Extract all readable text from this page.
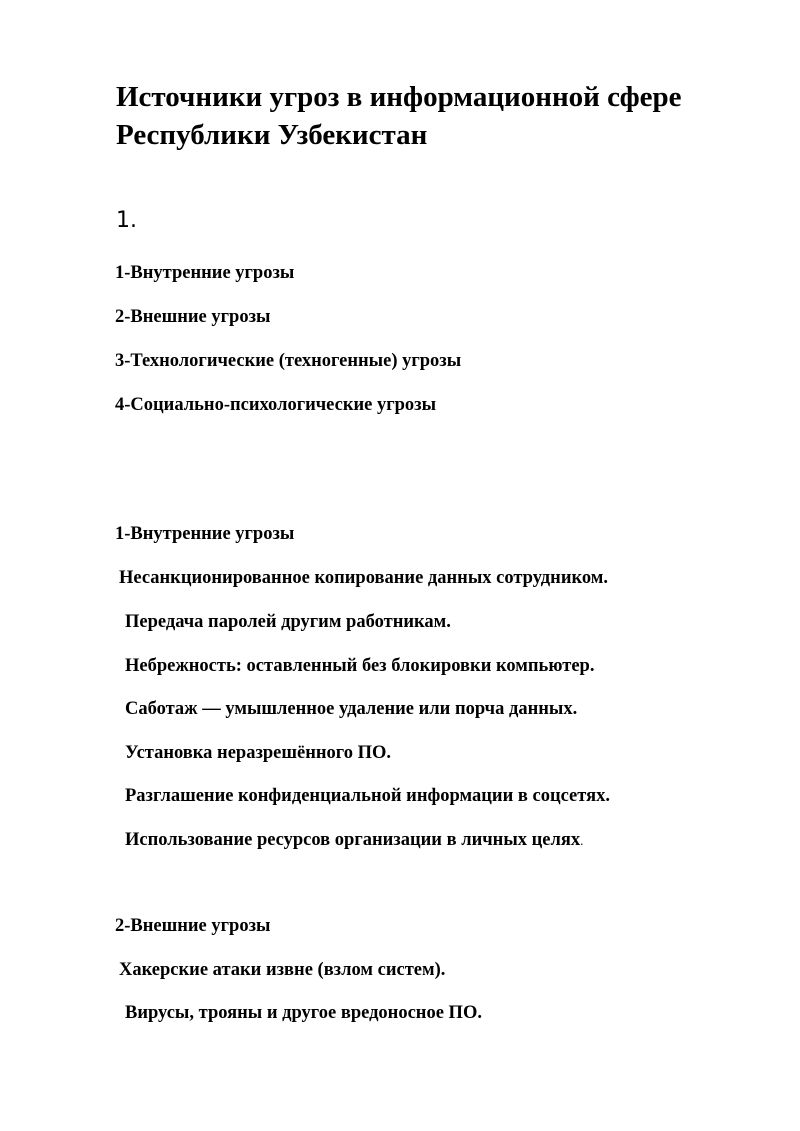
Источники угроз в информационной сфере Республики Узбекистан
1.

1-Внутренние угрозы

2-Внешние угрозы

3-Технологические (техногенные) угрозы

4-Социально-психологические угрозы

1-Внутренние угрозы

Несанкционированное копирование данных сотрудником.

Передача паролей другим работникам.

Небрежность: оставленный без блокировки компьютер.

Саботаж — умышленное удаление или порча данных.

Установка неразрешённого ПО.

Разглашение конфиденциальной информации в соцсетях.

Использование ресурсов организации в личных целях.

2-Внешние угрозы

Хакерские атаки извне (взлом систем).

Вирусы, трояны и другое вредоносное ПО.
